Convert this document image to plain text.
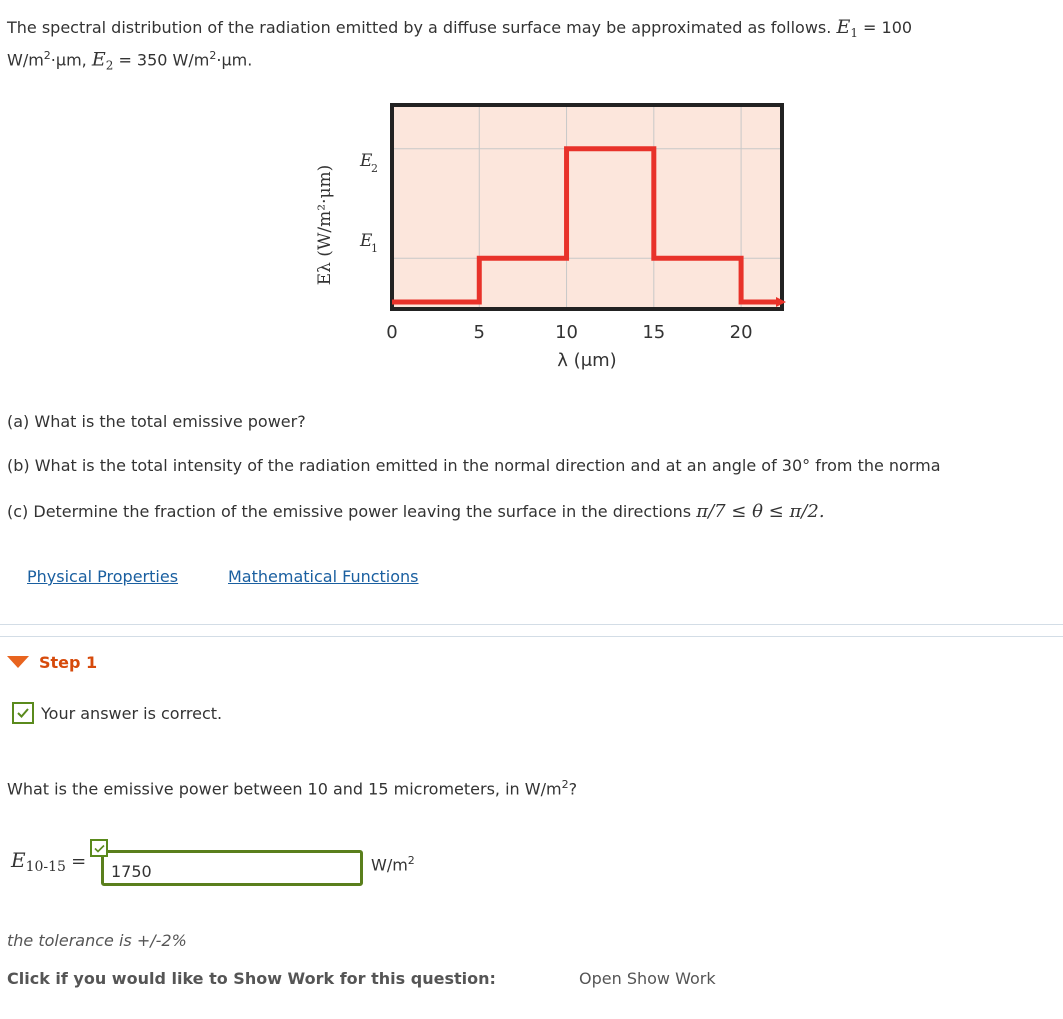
The spectral distribution of the radiation emitted by a diffuse surface may be approximated as follows. $E_1 = 100$
$W/m^2\cdot\mu m$, $E_2 = 350$ $W/m^2\cdot\mu m$.
Eλ (W/m²·μm)
E
2
E
1
0	5	10	15	20
λ (μm)
(a) What is the total emissive power?
(b) What is the total intensity of the radiation emitted in the normal direction and at an angle of 30° from the norma
(c) Determine the fraction of the emissive power leaving the surface in the directions π/7 ≤ θ ≤ π/2.
Physical Properties	Mathematical Functions
Step 1
Your answer is correct.
What is the emissive power between 10 and 15 micrometers, in $W/m^2$?
E10-15 =	1750	$W/m^2$
the tolerance is +/-2%
Click if you would like to Show Work for this question:	Open Show Work
